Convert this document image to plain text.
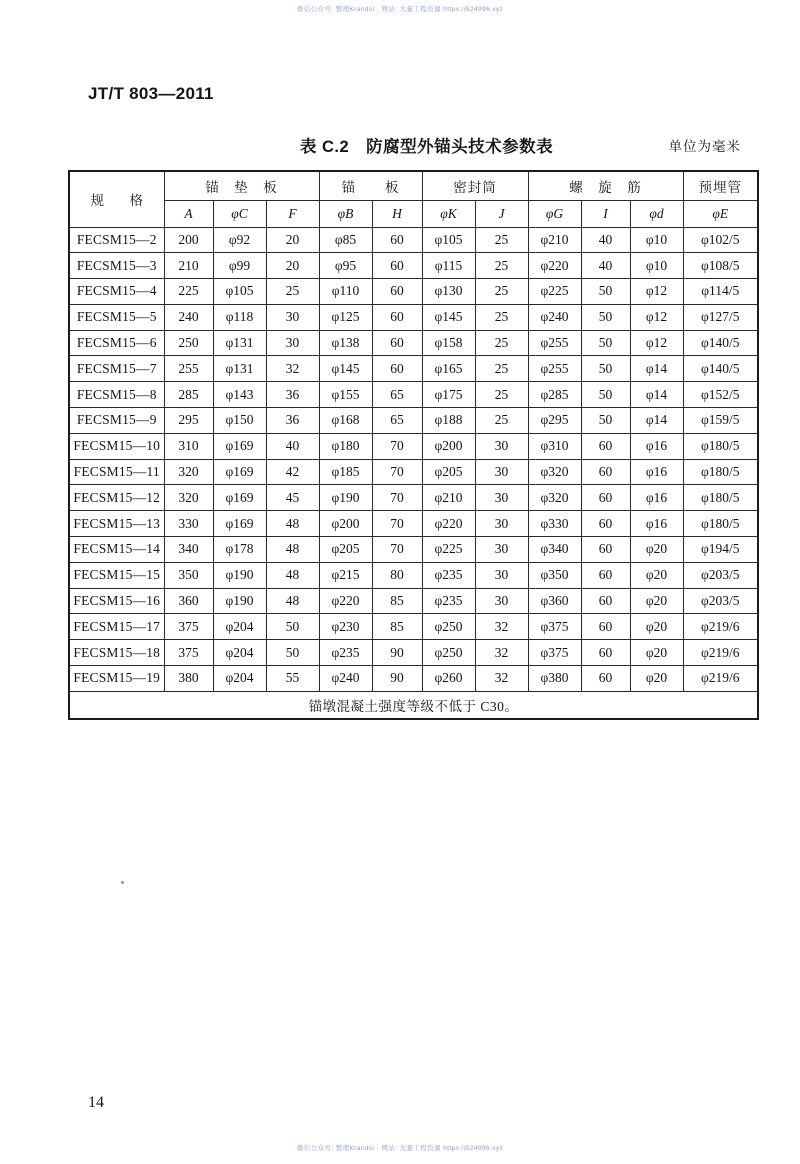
微信公众号: 整理Krandsl · 网站: 大量工程资源 https://524996.xyz
JT/T 803—2011
表 C.2　防腐型外锚头技术参数表	单位为毫米
规　格	锚　垫　板			锚　　板		密封筒		螺　旋　筋			预埋管
	A	φC	F	φB	H	φK	J	φG	I	φd	φE
FECSM15—2	200	φ92	20	φ85	60	φ105	25	φ210	40	φ10	φ102/5
FECSM15—3	210	φ99	20	φ95	60	φ115	25	φ220	40	φ10	φ108/5
FECSM15—4	225	φ105	25	φ110	60	φ130	25	φ225	50	φ12	φ114/5
FECSM15—5	240	φ118	30	φ125	60	φ145	25	φ240	50	φ12	φ127/5
FECSM15—6	250	φ131	30	φ138	60	φ158	25	φ255	50	φ12	φ140/5
FECSM15—7	255	φ131	32	φ145	60	φ165	25	φ255	50	φ14	φ140/5
FECSM15—8	285	φ143	36	φ155	65	φ175	25	φ285	50	φ14	φ152/5
FECSM15—9	295	φ150	36	φ168	65	φ188	25	φ295	50	φ14	φ159/5
FECSM15—10	310	φ169	40	φ180	70	φ200	30	φ310	60	φ16	φ180/5
FECSM15—11	320	φ169	42	φ185	70	φ205	30	φ320	60	φ16	φ180/5
FECSM15—12	320	φ169	45	φ190	70	φ210	30	φ320	60	φ16	φ180/5
FECSM15—13	330	φ169	48	φ200	70	φ220	30	φ330	60	φ16	φ180/5
FECSM15—14	340	φ178	48	φ205	70	φ225	30	φ340	60	φ20	φ194/5
FECSM15—15	350	φ190	48	φ215	80	φ235	30	φ350	60	φ20	φ203/5
FECSM15—16	360	φ190	48	φ220	85	φ235	30	φ360	60	φ20	φ203/5
FECSM15—17	375	φ204	50	φ230	85	φ250	32	φ375	60	φ20	φ219/6
FECSM15—18	375	φ204	50	φ235	90	φ250	32	φ375	60	φ20	φ219/6
FECSM15—19	380	φ204	55	φ240	90	φ260	32	φ380	60	φ20	φ219/6
锚墩混凝土强度等级不低于 C30。											
14
微信公众号: 整理Krandsl · 网站: 大量工程资源 https://524996.xyz
